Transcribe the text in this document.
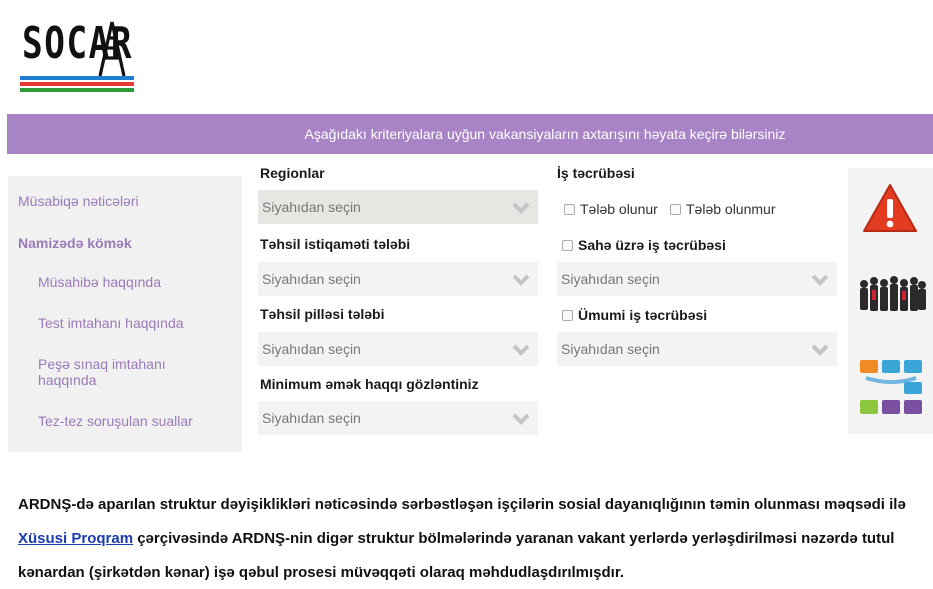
SOCAR
Aşağıdakı kriteriyalara uyğun vakansiyaların axtarışını həyata keçirə bilərsiniz
Müsabiqə nəticələri
Namizədə kömək
Müsahibə haqqında
Test imtahanı haqqında
Peşə sınaq imtahanı haqqında
Tez-tez soruşulan suallar
Regionlar
Siyahıdan seçin
Təhsil istiqaməti tələbi
Siyahıdan seçin
Təhsil pilləsi tələbi
Siyahıdan seçin
Minimum əmək haqqı gözləntiniz
Siyahıdan seçin
İş təcrübəsi
Tələb olunur Tələb olunmur
Sahə üzrə iş təcrübəsi
Siyahıdan seçin
Ümumi iş təcrübəsi
Siyahıdan seçin
ARDNŞ-də aparılan struktur dəyişiklikləri nəticəsində sərbəstləşən işçilərin sosial dayanıqlığının təmin olunması məqsədi ilə
Xüsusi Proqram çərçivəsində ARDNŞ-nin digər struktur bölmələrində yaranan vakant yerlərdə yerləşdirilməsi nəzərdə tutul
kənardan (şirkətdən kənar) işə qəbul prosesi müvəqqəti olaraq məhdudlaşdırılmışdır.
